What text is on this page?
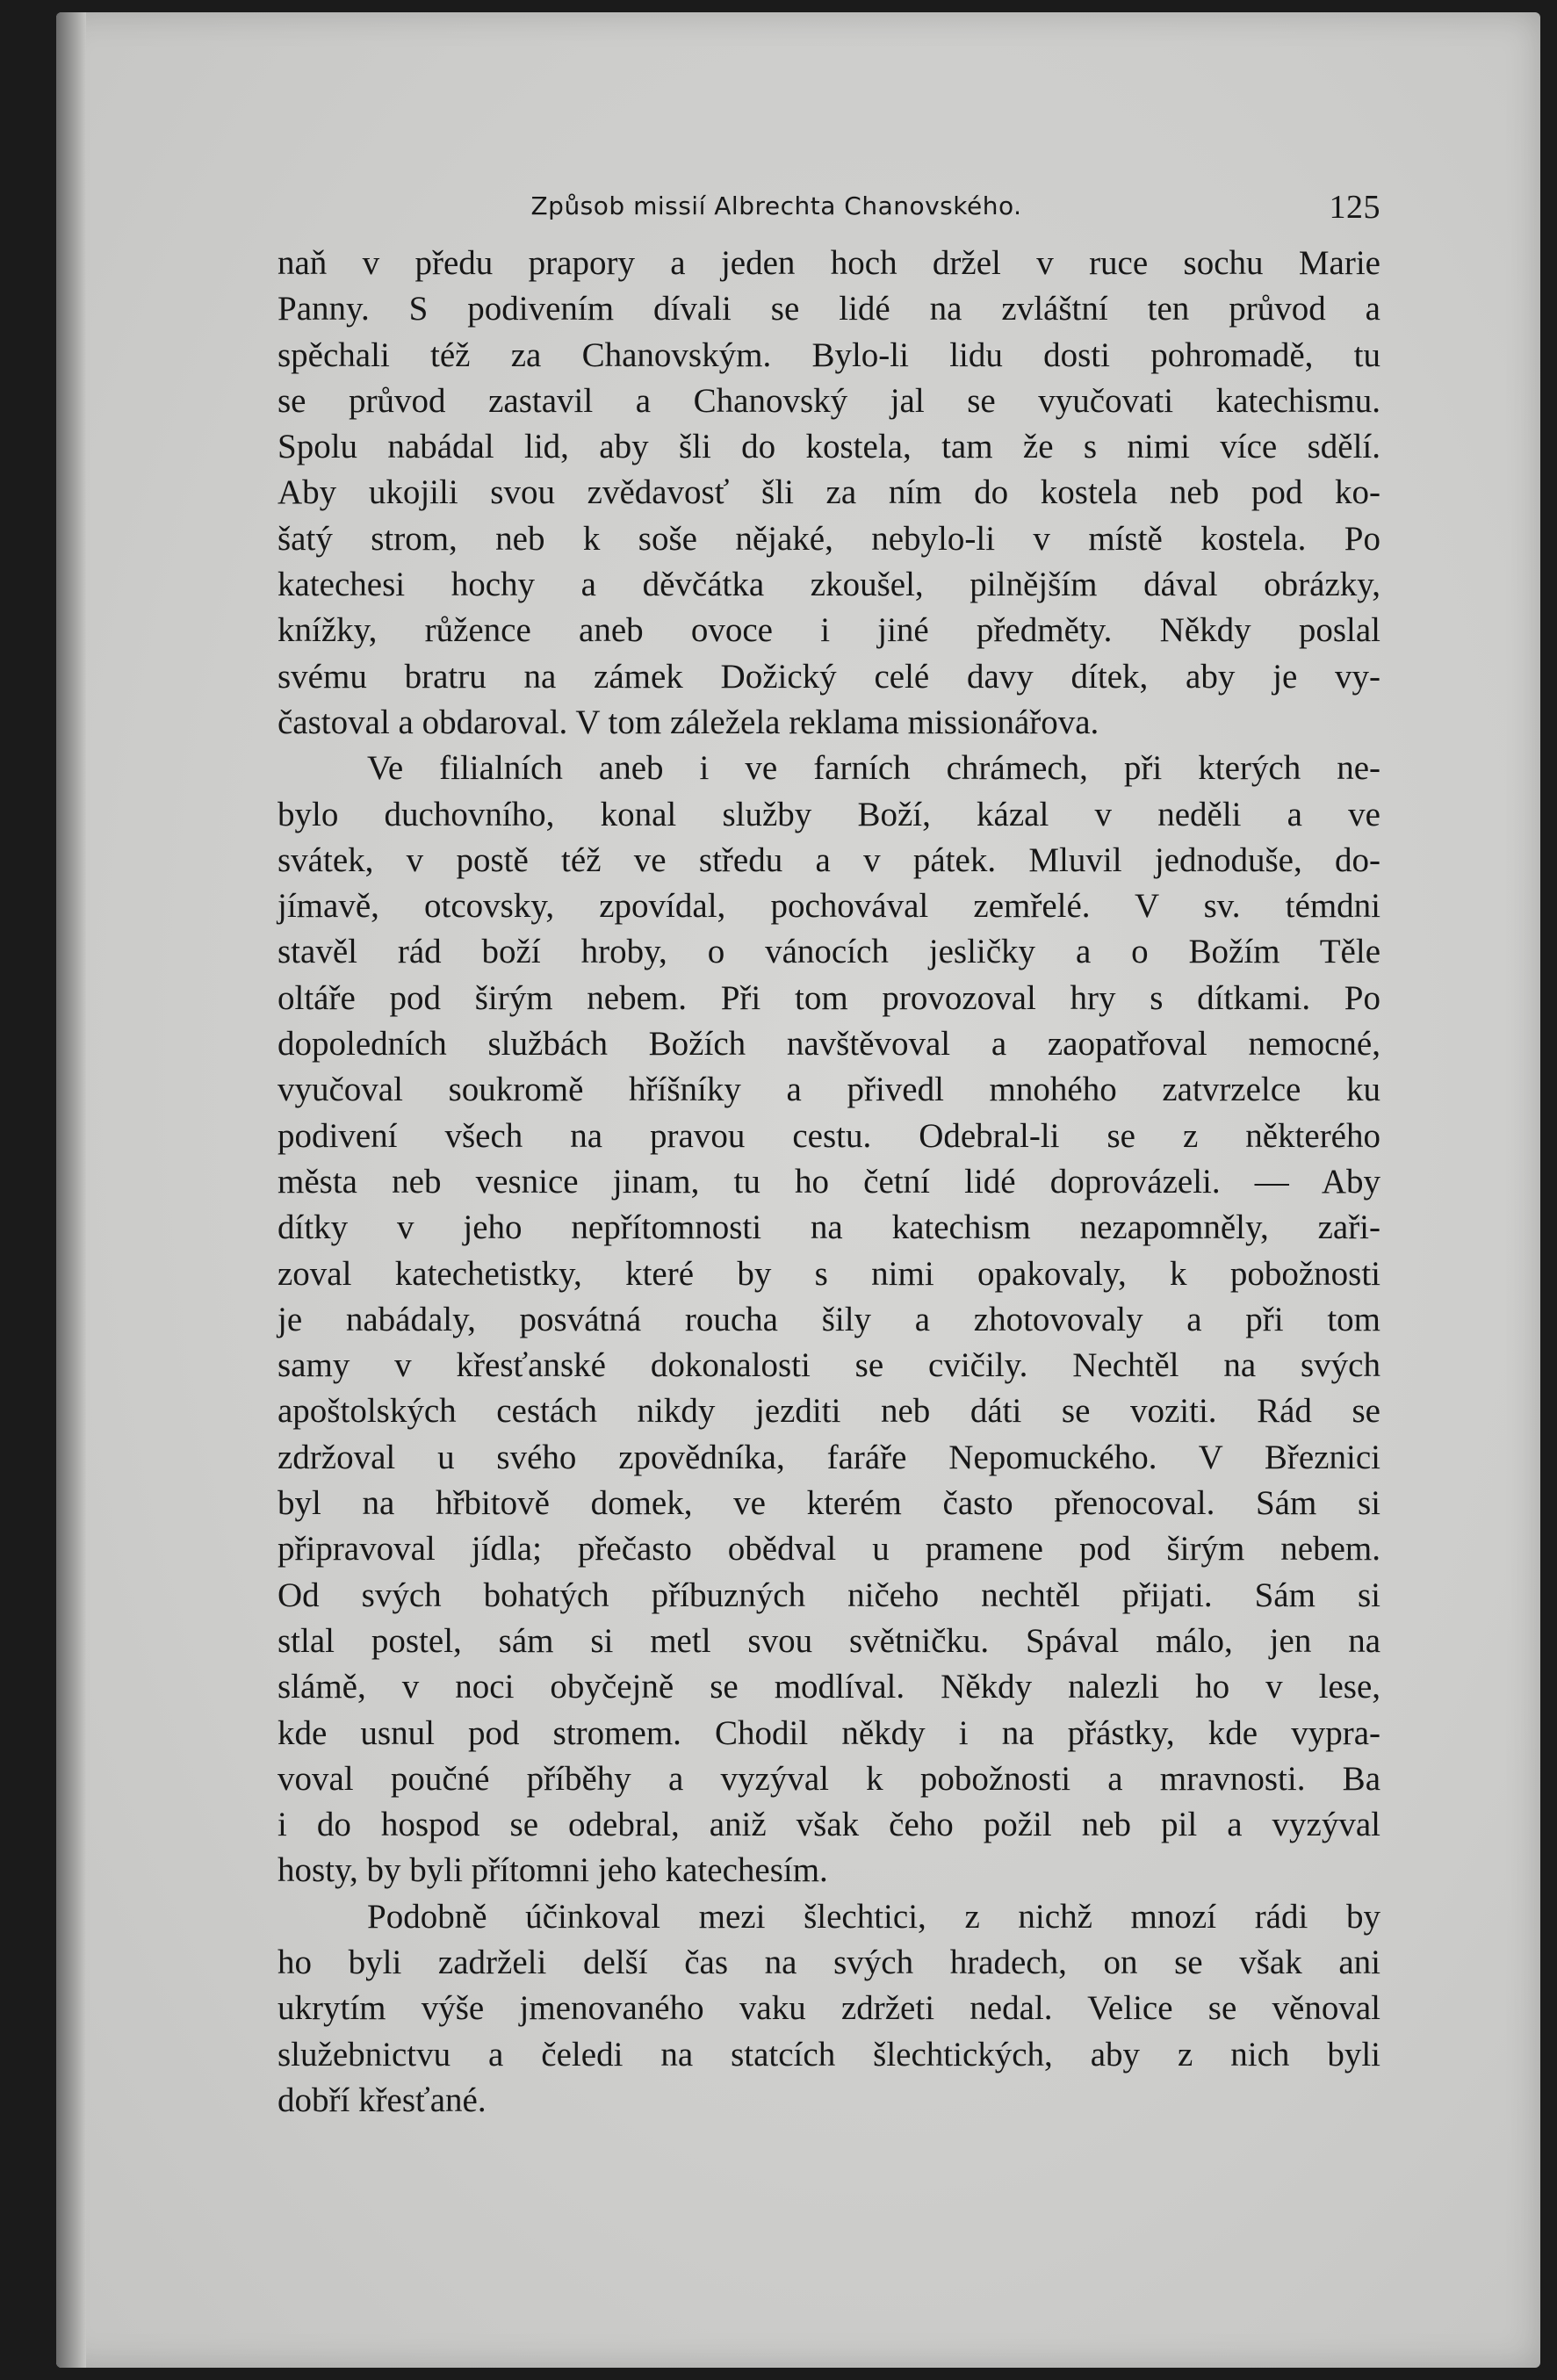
Způsob missií Albrechta Chanovského.	125

naň v předu prapory a jeden hoch držel v ruce sochu Marie
Panny. S podivením dívali se lidé na zvláštní ten průvod a
spěchali též za Chanovským. Bylo-li lidu dosti pohromadě, tu
se průvod zastavil a Chanovský jal se vyučovati katechismu.
Spolu nabádal lid, aby šli do kostela, tam že s nimi více sdělí.
Aby ukojili svou zvědavosť šli za ním do kostela neb pod ko-
šatý strom, neb k soše nějaké, nebylo-li v místě kostela. Po
katechesi hochy a děvčátka zkoušel, pilnějším dával obrázky,
knížky, růžence aneb ovoce i jiné předměty. Někdy poslal
svému bratru na zámek Dožický celé davy dítek, aby je vy-
častoval a obdaroval. V tom záležela reklama missionářova.

Ve filialních aneb i ve farních chrámech, při kterých ne-
bylo duchovního, konal služby Boží, kázal v neděli a ve
svátek, v postě též ve středu a v pátek. Mluvil jednoduše, do-
jímavě, otcovsky, zpovídal, pochovával zemřelé. V sv. témdni
stavěl rád boží hroby, o vánocích jesličky a o Božím Těle
oltáře pod širým nebem. Při tom provozoval hry s dítkami. Po
dopoledních službách Božích navštěvoval a zaopatřoval nemocné,
vyučoval soukromě hříšníky a přivedl mnohého zatvrzelce ku
podivení všech na pravou cestu. Odebral-li se z některého
města neb vesnice jinam, tu ho četní lidé doprovázeli. — Aby
dítky v jeho nepřítomnosti na katechism nezapomněly, zaři-
zoval katechetistky, které by s nimi opakovaly, k pobožnosti
je nabádaly, posvátná roucha šily a zhotovovaly a při tom
samy v křesťanské dokonalosti se cvičily. Nechtěl na svých
apoštolských cestách nikdy jezditi neb dáti se voziti. Rád se
zdržoval u svého zpovědníka, faráře Nepomuckého. V Březnici
byl na hřbitově domek, ve kterém často přenocoval. Sám si
připravoval jídla; přečasto obědval u pramene pod širým nebem.
Od svých bohatých příbuzných ničeho nechtěl přijati. Sám si
stlal postel, sám si metl svou světničku. Spával málo, jen na
slámě, v noci obyčejně se modlíval. Někdy nalezli ho v lese,
kde usnul pod stromem. Chodil někdy i na přástky, kde vypra-
voval poučné příběhy a vyzýval k pobožnosti a mravnosti. Ba
i do hospod se odebral, aniž však čeho požil neb pil a vyzýval
hosty, by byli přítomni jeho katechesím.

Podobně účinkoval mezi šlechtici, z nichž mnozí rádi by
ho byli zadrželi delší čas na svých hradech, on se však ani
ukrytím výše jmenovaného vaku zdržeti nedal. Velice se věnoval
služebnictvu a čeledi na statcích šlechtických, aby z nich byli
dobří křesťané.
